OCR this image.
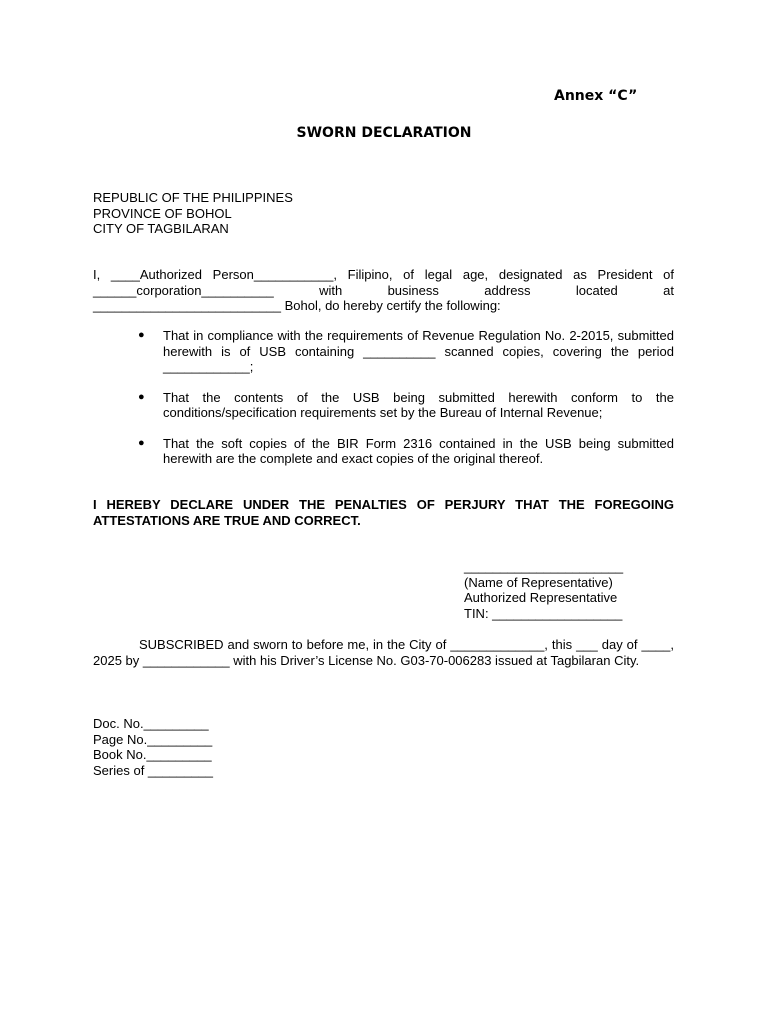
Annex “C”
SWORN DECLARATION
REPUBLIC OF THE PHILIPPINES
PROVINCE OF BOHOL
CITY OF TAGBILARAN
I, ____Authorized Person___________, Filipino, of legal age, designated as President of
______corporation__________ with business address located at
__________________________ Bohol, do hereby certify the following:
● That in compliance with the requirements of Revenue Regulation No. 2-2015, submitted herewith is of USB containing __________ scanned copies, covering the period ____________;
● That the contents of the USB being submitted herewith conform to the conditions/specification requirements set by the Bureau of Internal Revenue;
● That the soft copies of the BIR Form 2316 contained in the USB being submitted herewith are the complete and exact copies of the original thereof.
I HEREBY DECLARE UNDER THE PENALTIES OF PERJURY THAT THE FOREGOING ATTESTATIONS ARE TRUE AND CORRECT.
______________________
(Name of Representative)
Authorized Representative
TIN: __________________
SUBSCRIBED and sworn to before me, in the City of _____________, this ___ day of ____, 2025 by ____________ with his Driver’s License No. G03-70-006283 issued at Tagbilaran City.
Doc. No._________
Page No._________
Book No._________
Series of _________
